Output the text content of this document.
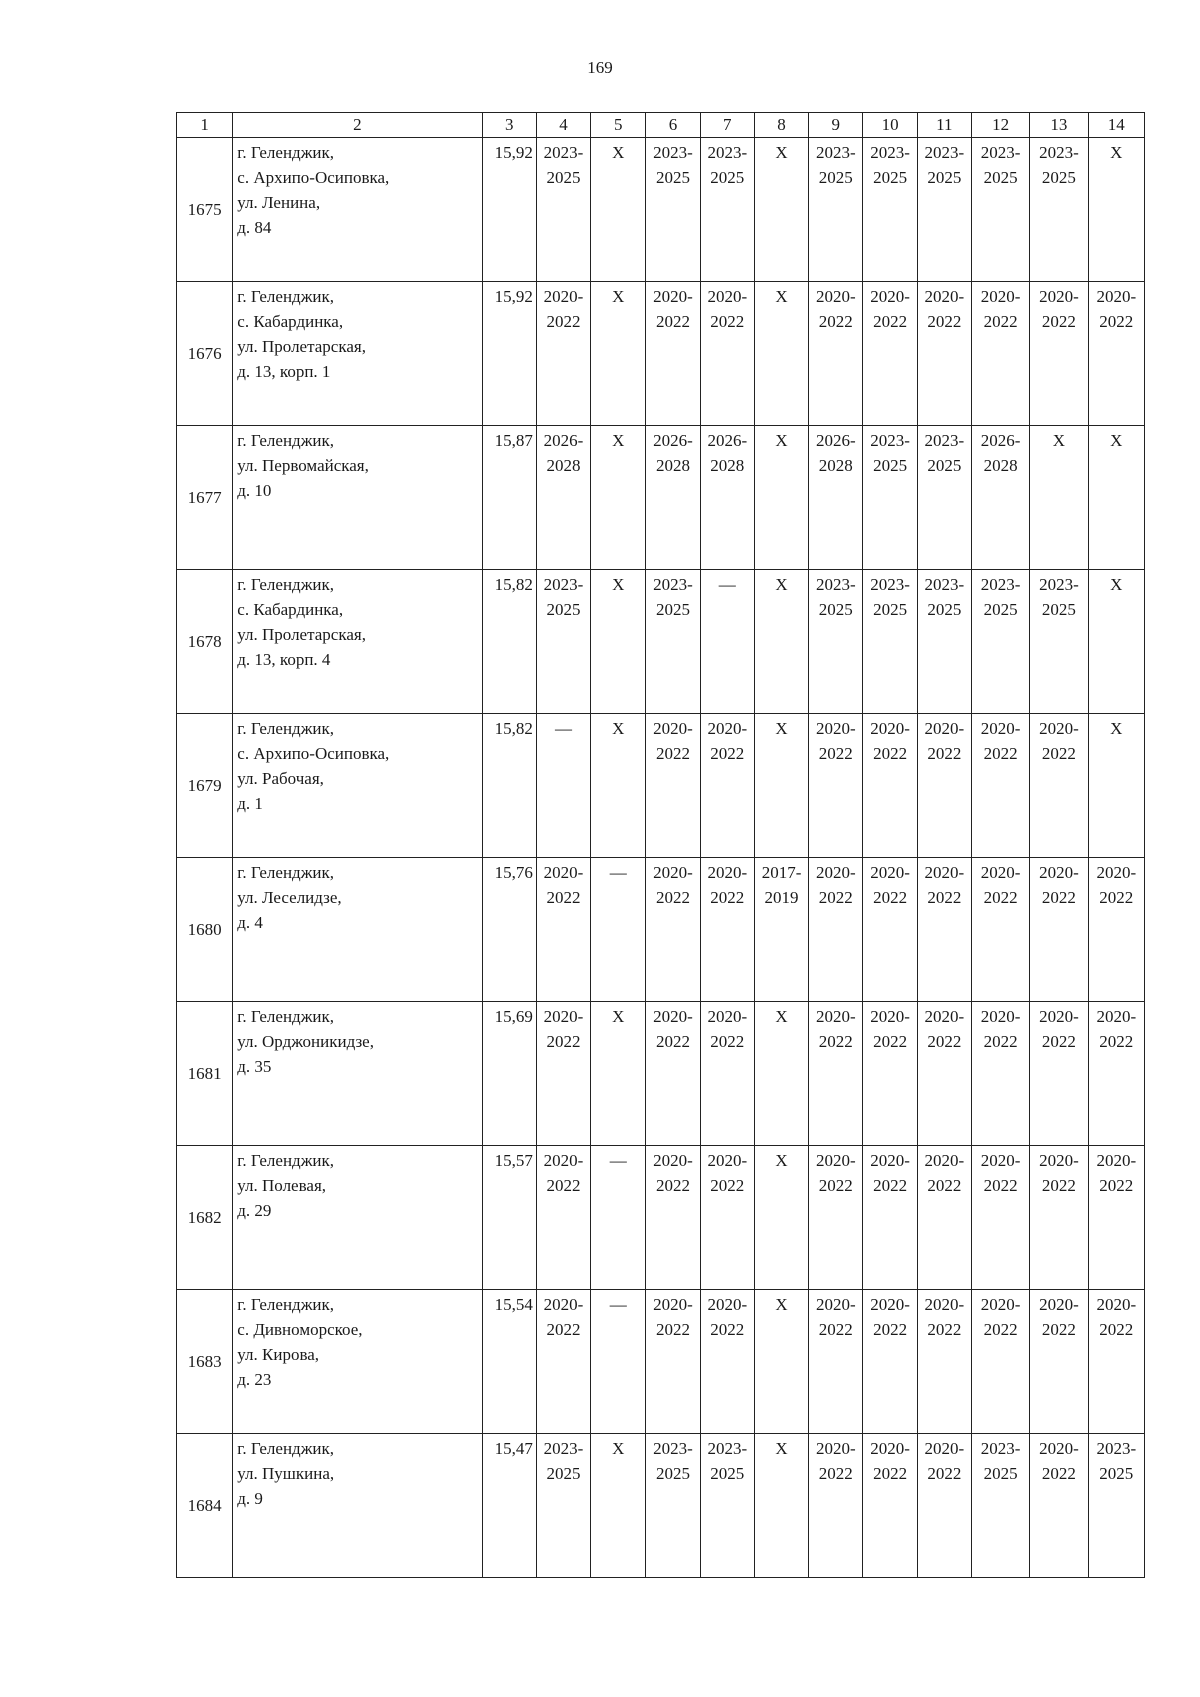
169
1	2	3	4	5	6	7	8	9	10	11	12	13	14
1675	г. Геленджик,
с. Архипо-Осиповка,
ул. Ленина,
д. 84	15,92	2023-
2025	Х	2023-
2025	2023-
2025	Х	2023-
2025	2023-
2025	2023-
2025	2023-
2025	2023-
2025	Х
1676	г. Геленджик,
с. Кабардинка,
ул. Пролетарская,
д. 13, корп. 1	15,92	2020-
2022	Х	2020-
2022	2020-
2022	Х	2020-
2022	2020-
2022	2020-
2022	2020-
2022	2020-
2022	2020-
2022

1677	г. Геленджик,
ул. Первомайская,
д. 10	15,87	2026-
2028	Х	2026-
2028	2026-
2028	Х	2026-
2028	2023-
2025	2023-
2025	2026-
2028	Х	Х
1678	г. Геленджик,
с. Кабардинка,
ул. Пролетарская,
д. 13, корп. 4	15,82	2023-
2025	Х	2023-
2025	—	Х	2023-
2025	2023-
2025	2023-
2025	2023-
2025	2023-
2025	Х
1679	г. Геленджик,
с. Архипо-Осиповка,
ул. Рабочая,
д. 1	15,82	—	Х	2020-
2022	2020-
2022	Х	2020-
2022	2020-
2022	2020-
2022	2020-
2022	2020-
2022	Х
1680	г. Геленджик,
ул. Леселидзе,
д. 4	15,76	2020-
2022	—	2020-
2022	2020-
2022	2017-
2019	2020-
2022	2020-
2022	2020-
2022	2020-
2022	2020-
2022	2020-
2022

1681	г. Геленджик,
ул. Орджоникидзе,
д. 35	15,69	2020-
2022	Х	2020-
2022	2020-
2022	Х	2020-
2022	2020-
2022	2020-
2022	2020-
2022	2020-
2022	2020-
2022

1682	г. Геленджик,
ул. Полевая,
д. 29	15,57	2020-
2022	—	2020-
2022	2020-
2022	Х	2020-
2022	2020-
2022	2020-
2022	2020-
2022	2020-
2022	2020-
2022

1683	г. Геленджик,
с. Дивноморское,
ул. Кирова,
д. 23	15,54	2020-
2022	—	2020-
2022	2020-
2022	Х	2020-
2022	2020-
2022	2020-
2022	2020-
2022	2020-
2022	2020-
2022

1684	г. Геленджик,
ул. Пушкина,
д. 9	15,47	2023-
2025	Х	2023-
2025	2023-
2025	Х	2020-
2022	2020-
2022	2020-
2022	2023-
2025	2020-
2022	2023-
2025
